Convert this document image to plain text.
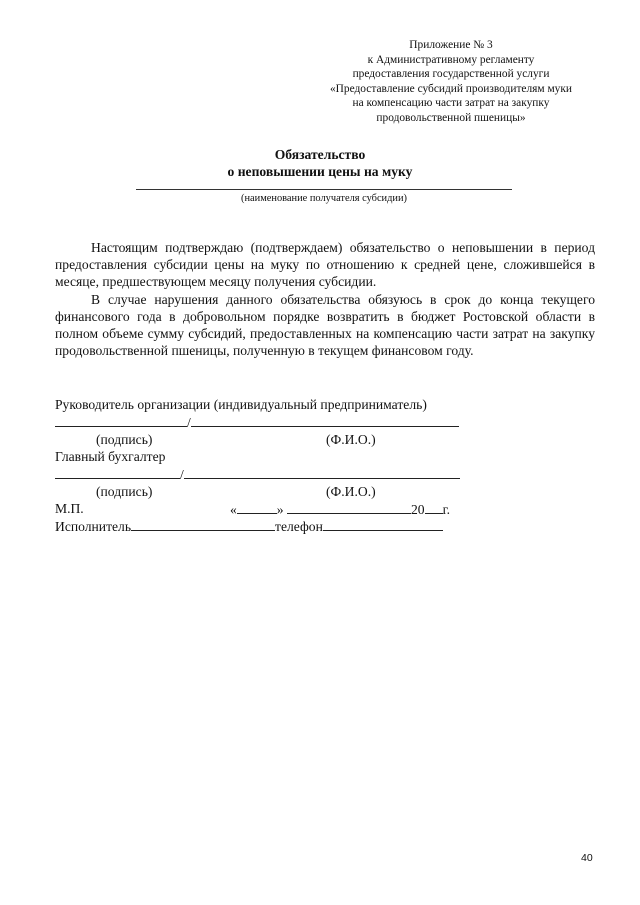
Приложение № 3
к Административному регламенту
предоставления государственной услуги
«Предоставление субсидий производителям муки
на компенсацию части затрат на закупку
продовольственной пшеницы»
Обязательство
о неповышении цены на муку
(наименование получателя субсидии)

Настоящим подтверждаю (подтверждаем) обязательство о неповышении в период предоставления субсидии цены на муку по отношению к средней цене, сложившейся в месяце, предшествующем месяцу получения субсидии.

В случае нарушения данного обязательства обязуюсь в срок до конца текущего финансового года в добровольном порядке возвратить в бюджет Ростовской области в полном объеме сумму субсидий, предоставленных на компенсацию части затрат на закупку продовольственной пшеницы, полученную в текущем финансовом году.

Руководитель организации (индивидуальный предприниматель)
/
(подпись)	(Ф.И.О.)
Главный бухгалтер
/
(подпись)	(Ф.И.О.)
М.П.	«	»	20 г.
Исполнитель	телефон
40
